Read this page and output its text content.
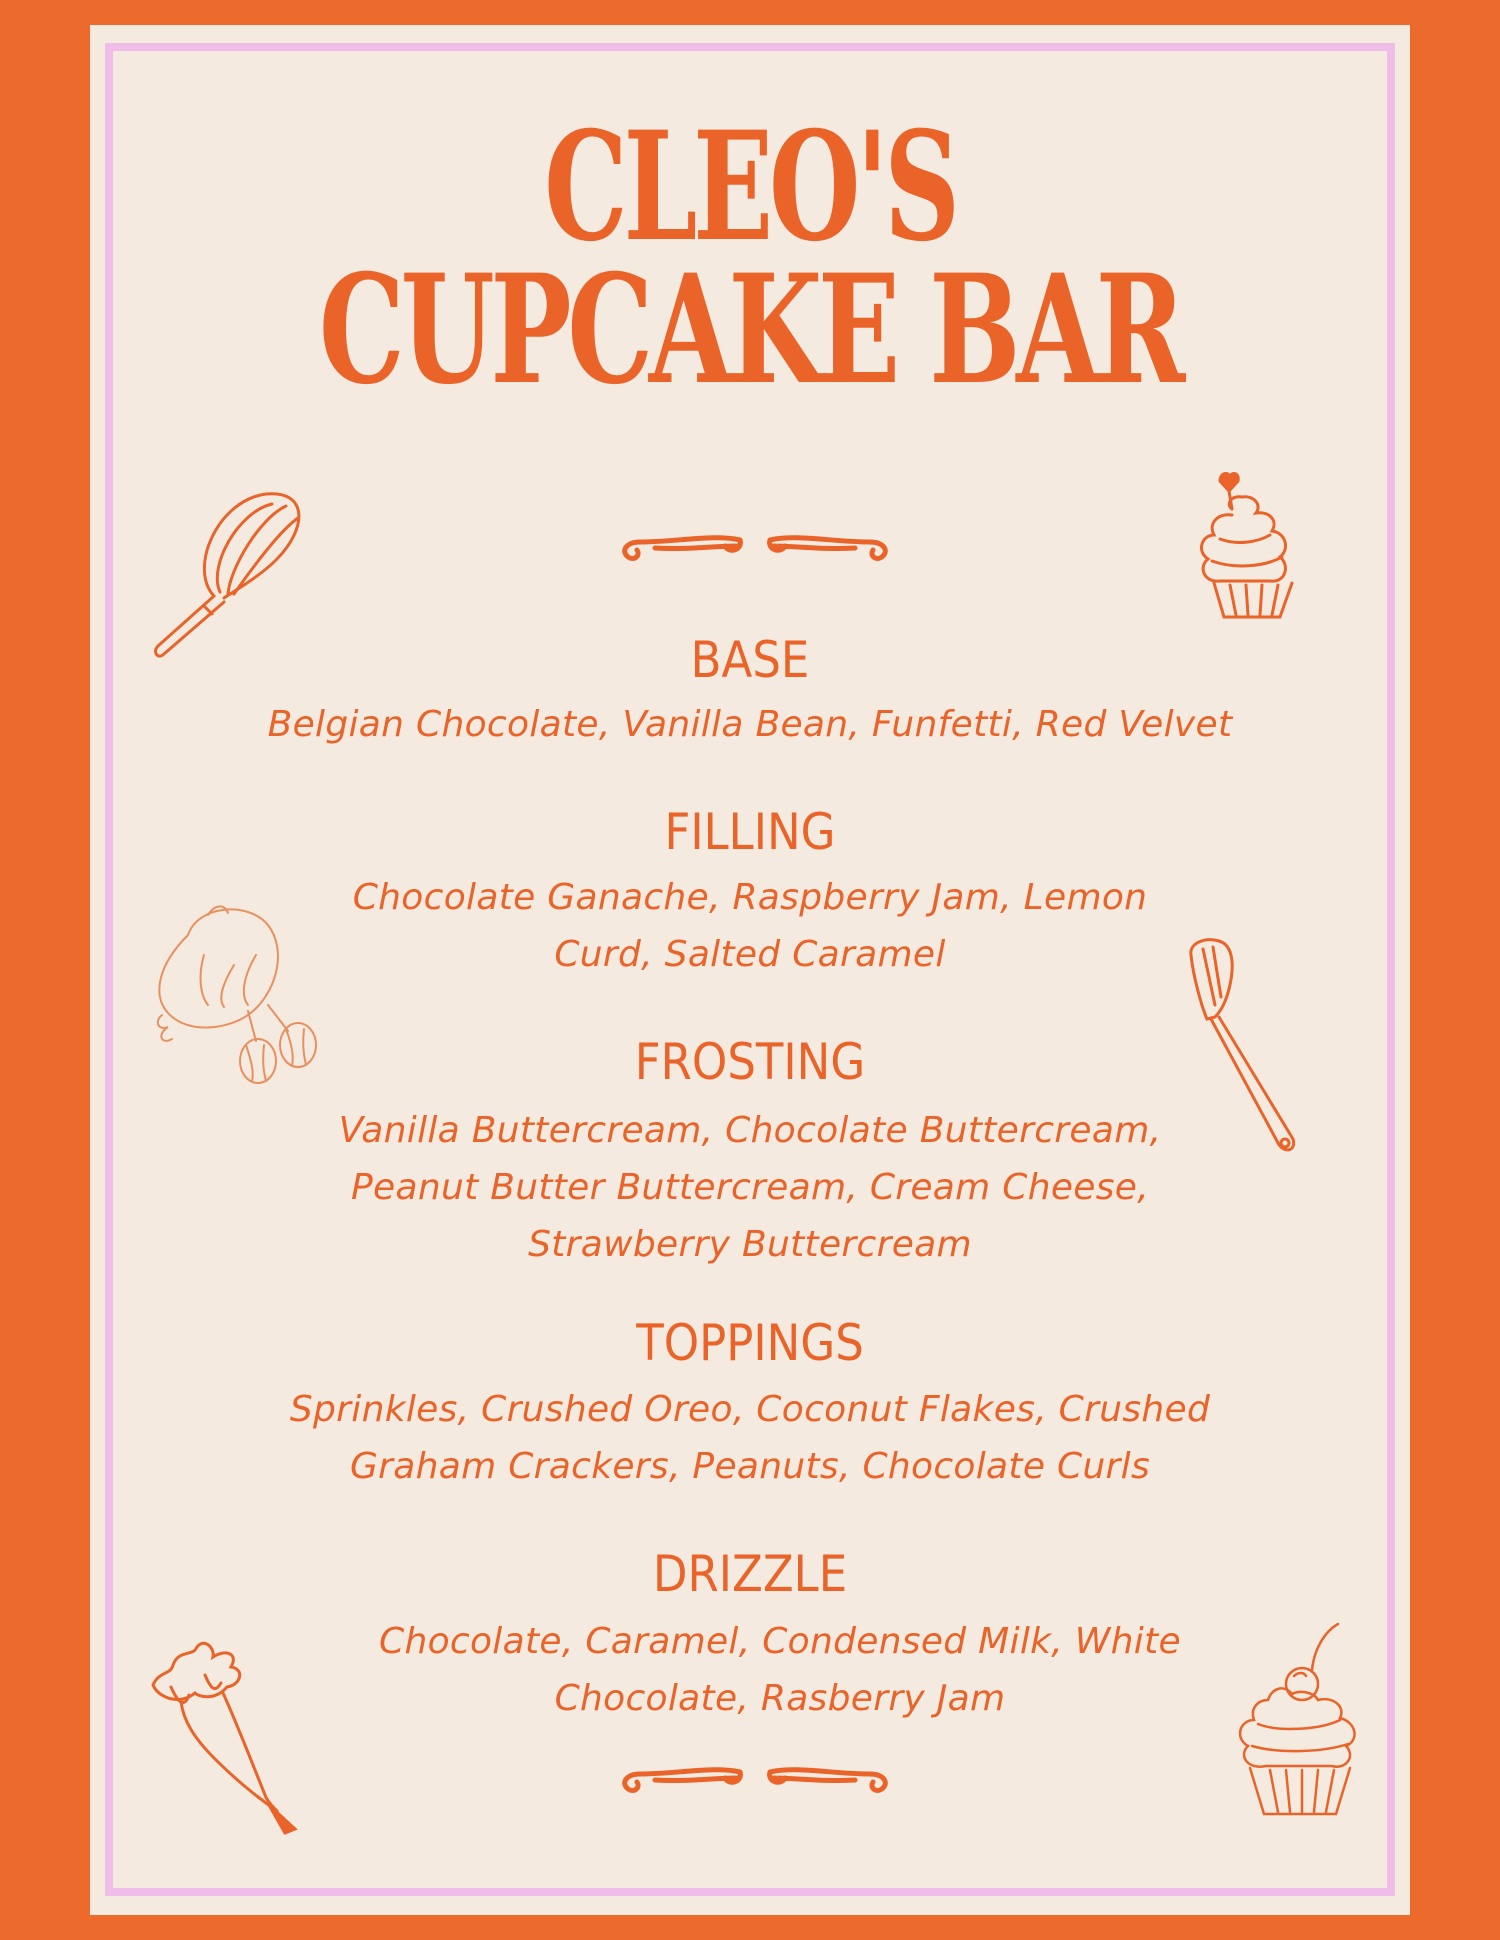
CLEO'S
CUPCAKE BAR
BASE
Belgian Chocolate, Vanilla Bean, Funfetti, Red Velvet
FILLING
Chocolate Ganache, Raspberry Jam, Lemon Curd, Salted Caramel
FROSTING
Vanilla Buttercream, Chocolate Buttercream, Peanut Butter Buttercream, Cream Cheese, Strawberry Buttercream
TOPPINGS
Sprinkles, Crushed Oreo, Coconut Flakes, Crushed Graham Crackers, Peanuts, Chocolate Curls
DRIZZLE
Chocolate, Caramel, Condensed Milk, White Chocolate, Rasberry Jam
